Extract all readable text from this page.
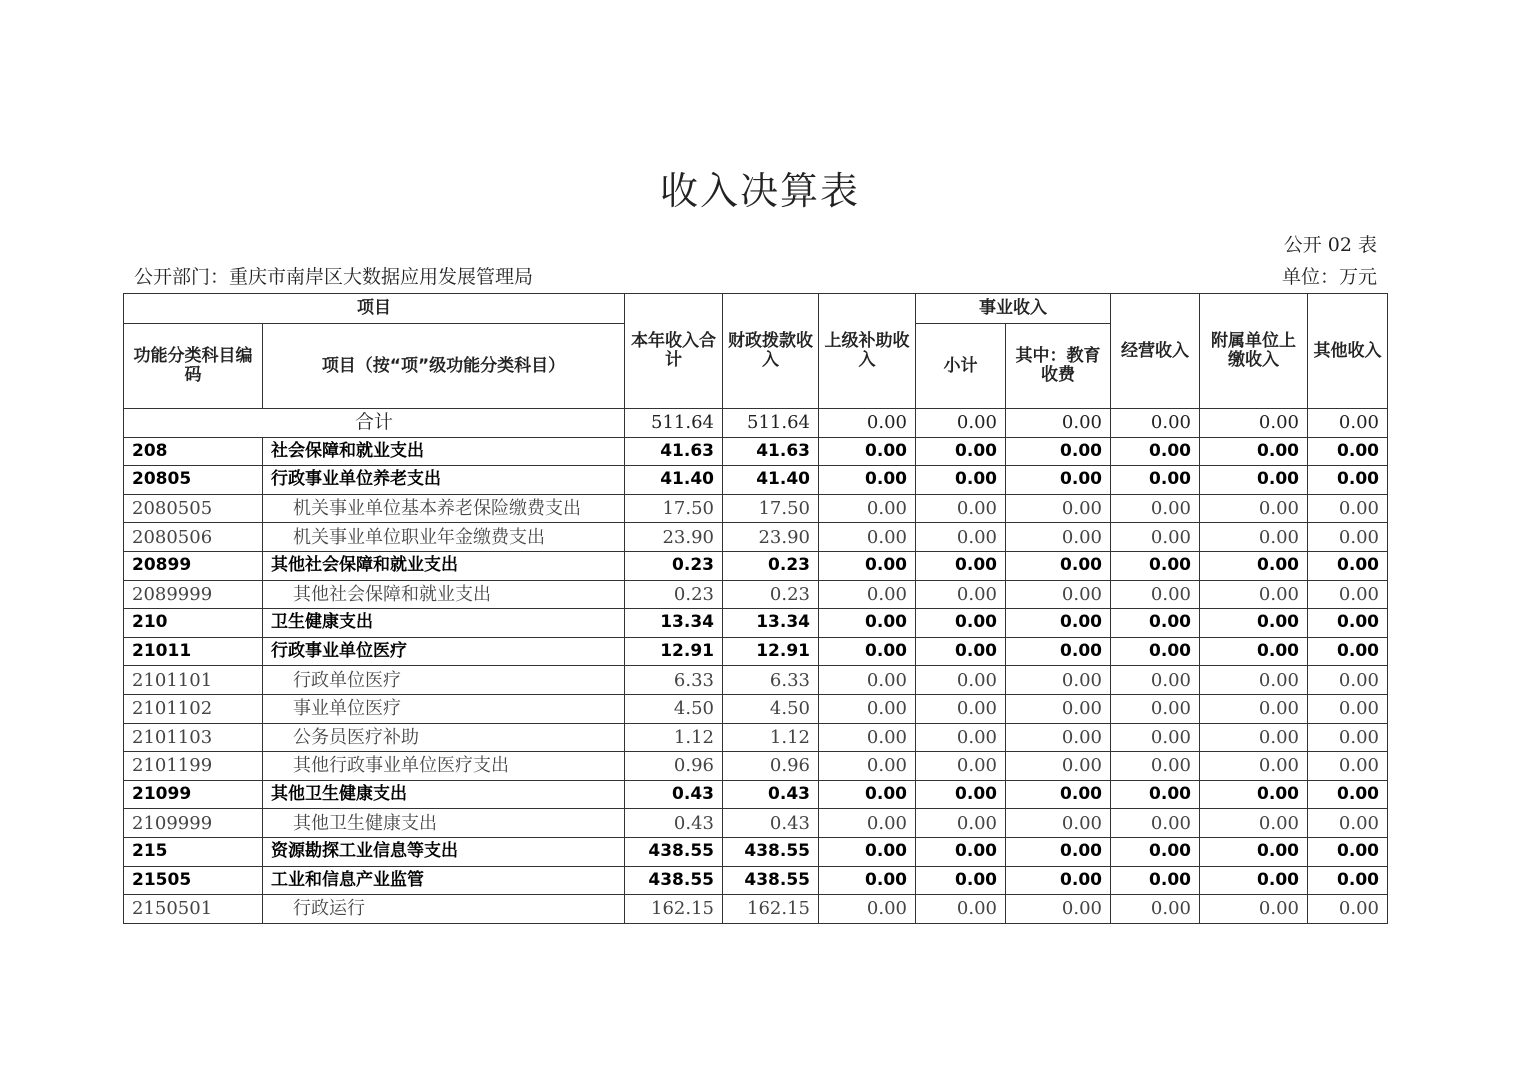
收入决算表
公开 02 表
公开部门：重庆市南岸区大数据应用发展管理局	单位：万元
项目		本年收入合计	财政拨款收入	上级补助收入	事业收入		经营收入	附属单位上缴收入	其他收入
功能分类科目编码	项目（按“项”级功能分类科目）				小计	其中：教育收费			
合计		511.64	511.64	0.00	0.00	0.00	0.00	0.00	0.00
208	社会保障和就业支出	41.63	41.63	0.00	0.00	0.00	0.00	0.00	0.00
20805	行政事业单位养老支出	41.40	41.40	0.00	0.00	0.00	0.00	0.00	0.00
2080505	机关事业单位基本养老保险缴费支出	17.50	17.50	0.00	0.00	0.00	0.00	0.00	0.00
2080506	机关事业单位职业年金缴费支出	23.90	23.90	0.00	0.00	0.00	0.00	0.00	0.00
20899	其他社会保障和就业支出	0.23	0.23	0.00	0.00	0.00	0.00	0.00	0.00
2089999	其他社会保障和就业支出	0.23	0.23	0.00	0.00	0.00	0.00	0.00	0.00
210	卫生健康支出	13.34	13.34	0.00	0.00	0.00	0.00	0.00	0.00
21011	行政事业单位医疗	12.91	12.91	0.00	0.00	0.00	0.00	0.00	0.00
2101101	行政单位医疗	6.33	6.33	0.00	0.00	0.00	0.00	0.00	0.00
2101102	事业单位医疗	4.50	4.50	0.00	0.00	0.00	0.00	0.00	0.00
2101103	公务员医疗补助	1.12	1.12	0.00	0.00	0.00	0.00	0.00	0.00
2101199	其他行政事业单位医疗支出	0.96	0.96	0.00	0.00	0.00	0.00	0.00	0.00
21099	其他卫生健康支出	0.43	0.43	0.00	0.00	0.00	0.00	0.00	0.00
2109999	其他卫生健康支出	0.43	0.43	0.00	0.00	0.00	0.00	0.00	0.00
215	资源勘探工业信息等支出	438.55	438.55	0.00	0.00	0.00	0.00	0.00	0.00
21505	工业和信息产业监管	438.55	438.55	0.00	0.00	0.00	0.00	0.00	0.00
2150501	行政运行	162.15	162.15	0.00	0.00	0.00	0.00	0.00	0.00
